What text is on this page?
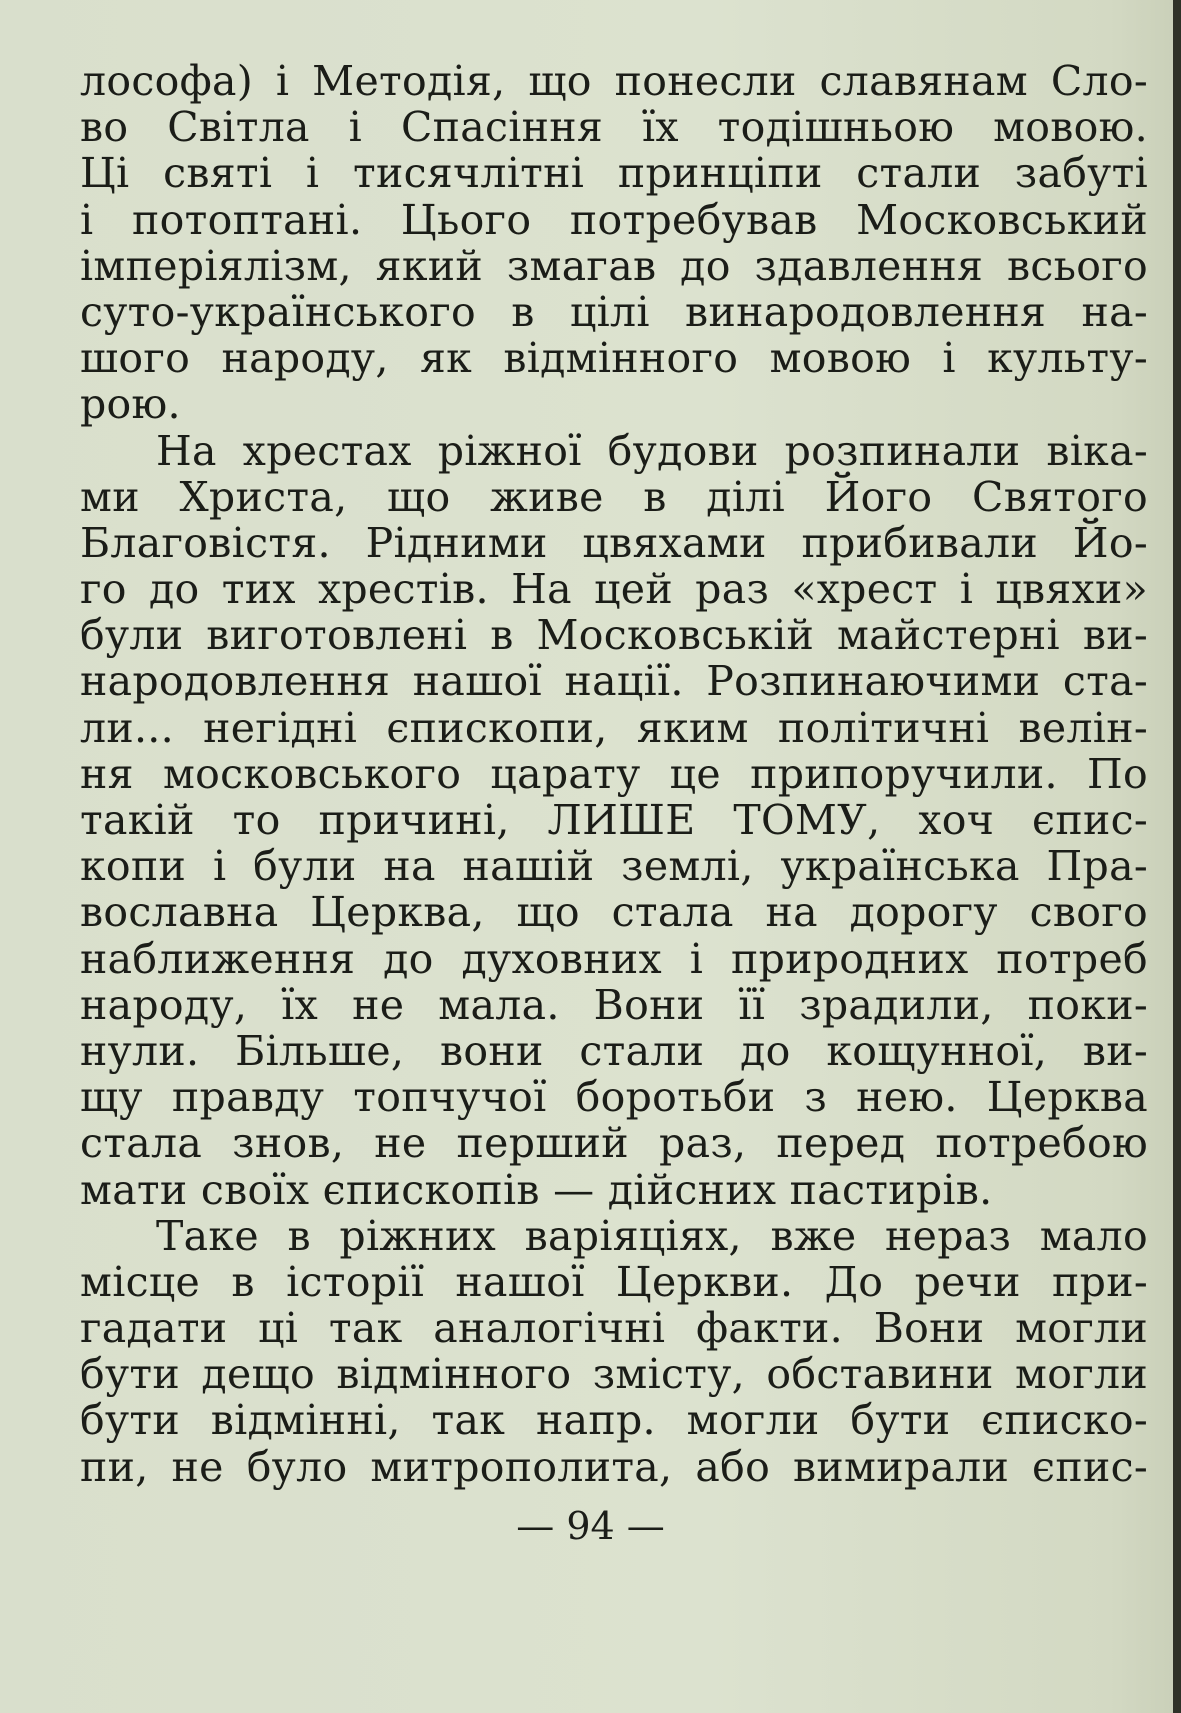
лософа) і Методія, що понесли славянам Сло-
во Світла і Спасіння їх тодішньою мовою.
Ці святі і тисячлітні принціпи стали забуті
і потоптані. Цього потребував Московський
імперіялізм, який змагав до здавлення всього
суто-українського в цілі винародовлення на-
шого народу, як відмінного мовою і культу-
рою.
На хрестах ріжної будови розпинали віка-
ми Христа, що живе в ділі Його Святого
Благовістя. Рідними цвяхами прибивали Йо-
го до тих хрестів. На цей раз «хрест і цвяхи»
були виготовлені в Московській майстерні ви-
народовлення нашої нації. Розпинаючими ста-
ли... негідні єпископи, яким політичні велін-
ня московського царату це припоручили. По
такій то причині, ЛИШЕ ТОМУ, хоч єпис-
копи і були на нашій землі, українська Пра-
вославна Церква, що стала на дорогу свого
наближення до духовних і природних потреб
народу, їх не мала. Вони її зрадили, поки-
нули. Більше, вони стали до кощунної, ви-
щу правду топчучої боротьби з нею. Церква
стала знов, не перший раз, перед потребою
мати своїх єпископів — дійсних пастирів.
Таке в ріжних варіяціях, вже нераз мало
місце в історії нашої Церкви. До речи при-
гадати ці так аналогічні факти. Вони могли
бути дещо відмінного змісту, обставини могли
бути відмінні, так напр. могли бути єписко-
пи, не було митрополита, або вимирали єпис-
— 94 —
